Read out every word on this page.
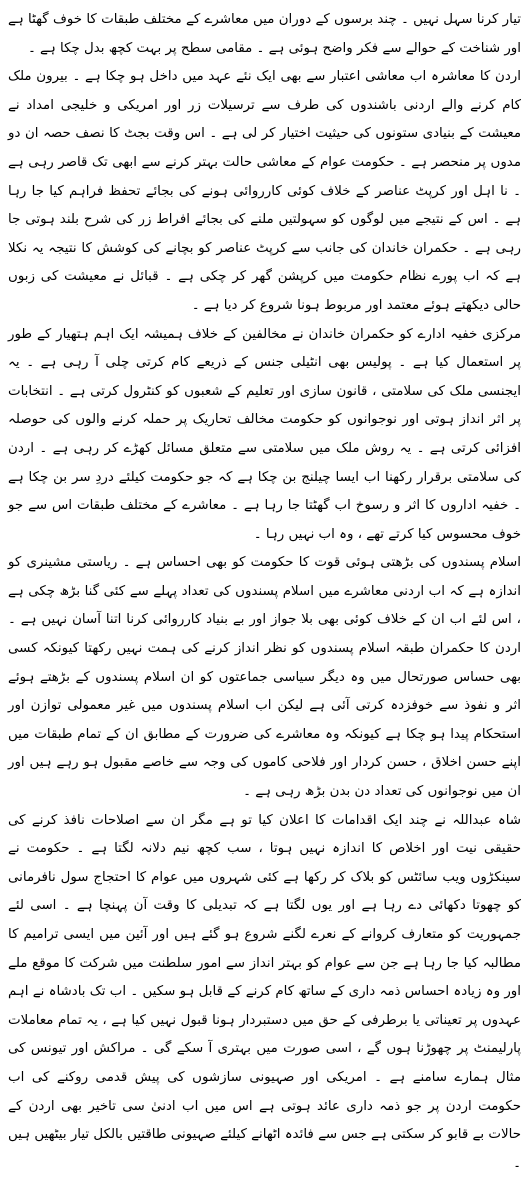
تیار کرنا سہل نہیں ۔ چند برسوں کے دوران میں معاشرے کے مختلف طبقات کا خوف گھٹا ہے اور شناخت کے حوالے سے فکر واضح ہوئی ہے ۔ مقامی سطح پر بہت کچھ بدل چکا ہے ۔

اردن کا معاشرہ اب معاشی اعتبار سے بھی ایک نئے عہد میں داخل ہو چکا ہے ۔ بیرون ملک کام کرنے والے اردنی باشندوں کی طرف سے ترسیلات زر اور امریکی و خلیجی امداد نے معیشت کے بنیادی ستونوں کی حیثیت اختیار کر لی ہے ۔ اس وقت بجٹ کا نصف حصہ ان دو مدوں پر منحصر ہے ۔ حکومت عوام کے معاشی حالت بہتر کرنے سے ابھی تک قاصر رہی ہے ۔ نا اہل اور کرپٹ عناصر کے خلاف کوئی کارروائی ہونے کی بجائے تحفظ فراہم کیا جا رہا ہے ۔ اس کے نتیجے میں لوگوں کو سہولتیں ملنے کی بجائے افراط زر کی شرح بلند ہوتی جا رہی ہے ۔ حکمران خاندان کی جانب سے کرپٹ عناصر کو بچانے کی کوشش کا نتیجہ یہ نکلا ہے کہ اب پورے نظام حکومت میں کرپشن گھر کر چکی ہے ۔ قبائل نے معیشت کی زبوں حالی دیکھتے ہوئے معتمد اور مربوط ہونا شروع کر دیا ہے ۔

مرکزی خفیہ ادارے کو حکمران خاندان نے مخالفین کے خلاف ہمیشہ ایک اہم ہتھیار کے طور پر استعمال کیا ہے ۔ پولیس بھی انٹیلی جنس کے ذریعے کام کرتی چلی آ رہی ہے ۔ یہ ایجنسی ملک کی سلامتی ، قانون سازی اور تعلیم کے شعبوں کو کنٹرول کرتی ہے ۔ انتخابات پر اثر انداز ہوتی اور نوجوانوں کو حکومت مخالف تحاریک پر حملہ کرنے والوں کی حوصلہ افزائی کرتی ہے ۔ یہ روش ملک میں سلامتی سے متعلق مسائل کھڑے کر رہی ہے ۔ اردن کی سلامتی برقرار رکھنا اب ایسا چیلنج بن چکا ہے کہ جو حکومت کیلئے دردِ سر بن چکا ہے ۔ خفیہ اداروں کا اثر و رسوخ اب گھٹتا جا رہا ہے ۔ معاشرے کے مختلف طبقات اس سے جو خوف محسوس کیا کرتے تھے ، وہ اب نہیں رہا ۔

اسلام پسندوں کی بڑھتی ہوئی قوت کا حکومت کو بھی احساس ہے ۔ ریاستی مشینری کو اندازہ ہے کہ اب اردنی معاشرے میں اسلام پسندوں کی تعداد پہلے سے کئی گنا بڑھ چکی ہے ، اس لئے اب ان کے خلاف کوئی بھی بلا جواز اور بے بنیاد کارروائی کرنا اتنا آسان نہیں ہے ۔ اردن کا حکمران طبقہ اسلام پسندوں کو نظر انداز کرنے کی ہمت نہیں رکھتا کیونکہ کسی بھی حساس صورتحال میں وہ دیگر سیاسی جماعتوں کو ان اسلام پسندوں کے بڑھتے ہوئے اثر و نفوذ سے خوفزدہ کرتی آئی ہے لیکن اب اسلام پسندوں میں غیر معمولی توازن اور استحکام پیدا ہو چکا ہے کیونکہ وہ معاشرے کی ضرورت کے مطابق ان کے تمام طبقات میں اپنے حسن اخلاق ، حسن کردار اور فلاحی کاموں کی وجہ سے خاصے مقبول ہو رہے ہیں اور ان میں نوجوانوں کی تعداد دن بدن بڑھ رہی ہے ۔

شاہ عبداللہ نے چند ایک اقدامات کا اعلان کیا تو ہے مگر ان سے اصلاحات نافذ کرنے کی حقیقی نیت اور اخلاص کا اندازہ نہیں ہوتا ، سب کچھ نیم دلانہ لگتا ہے ۔ حکومت نے سینکڑوں ویب سائٹس کو بلاک کر رکھا ہے کئی شہروں میں عوام کا احتجاج سول نافرمانی کو چھوتا دکھائی دے رہا ہے اور یوں لگتا ہے کہ تبدیلی کا وقت آن پہنچا ہے ۔ اسی لئے جمہوریت کو متعارف کروانے کے نعرے لگنے شروع ہو گئے ہیں اور آئین میں ایسی ترامیم کا مطالبہ کیا جا رہا ہے جن سے عوام کو بہتر انداز سے امور سلطنت میں شرکت کا موقع ملے اور وہ زیادہ احساس ذمہ داری کے ساتھ کام کرنے کے قابل ہو سکیں ۔ اب تک بادشاہ نے اہم عہدوں پر تعیناتی یا برطرفی کے حق میں دستبردار ہونا قبول نہیں کیا ہے ، یہ تمام معاملات پارلیمنٹ پر چھوڑنا ہوں گے ، اسی صورت میں بہتری آ سکے گی ۔ مراکش اور تیونس کی مثال ہمارے سامنے ہے ۔ امریکی اور صہیونی سازشوں کی پیش قدمی روکنے کی اب حکومت اردن پر جو ذمہ داری عائد ہوتی ہے اس میں اب ادنیٰ سی تاخیر بھی اردن کے حالات بے قابو کر سکتی ہے جس سے فائدہ اٹھانے کیلئے صہیونی طاقتیں بالکل تیار بیٹھیں ہیں ۔
